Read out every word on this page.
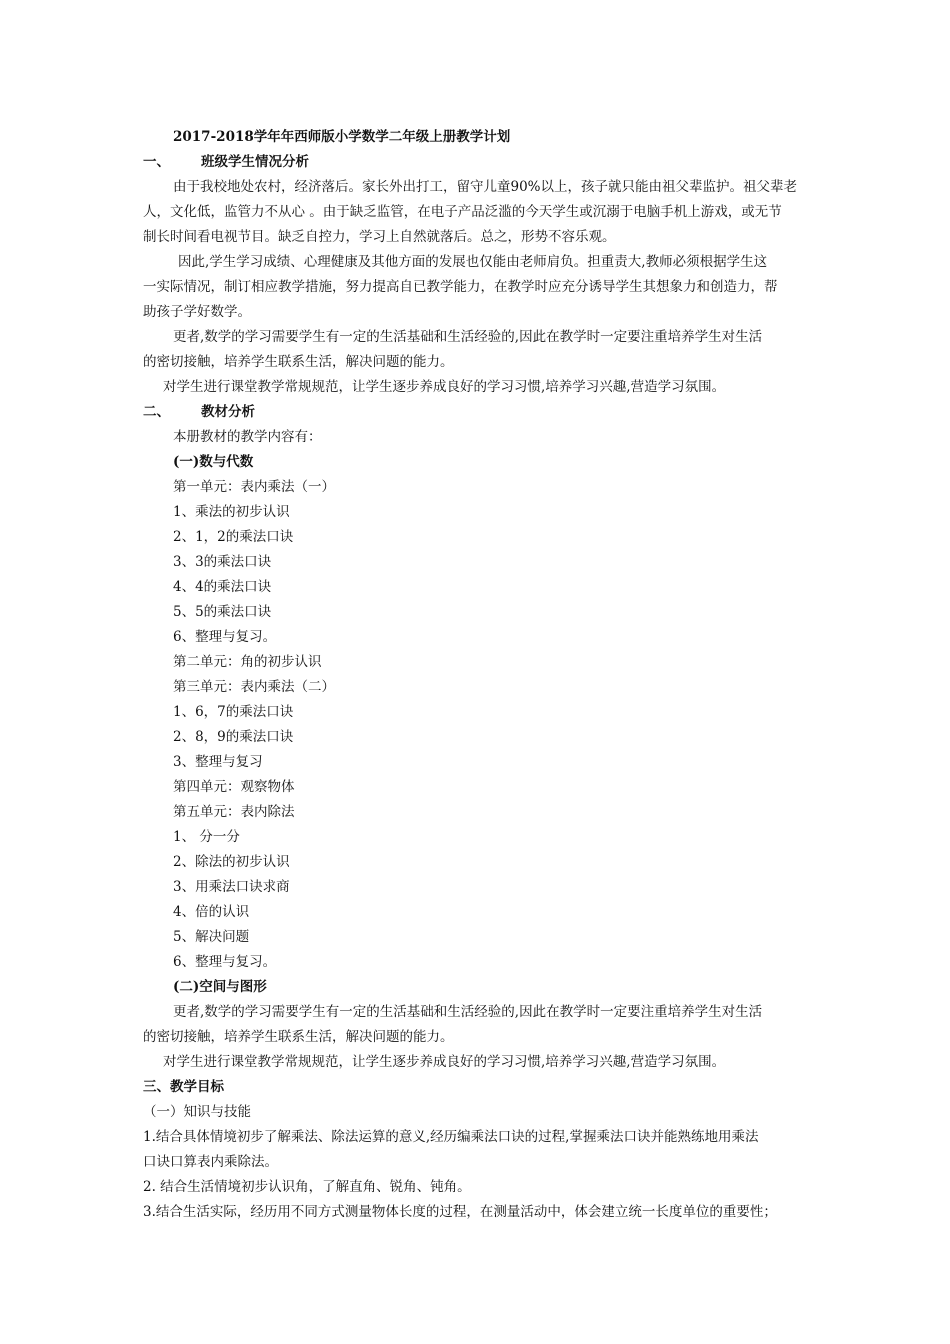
2017-2018学年年西师版小学数学二年级上册教学计划
一、 班级学生情况分析
由于我校地处农村，经济落后。家长外出打工，留守儿童90%以上，孩子就只能由祖父辈监护。祖父辈老
人，文化低，监管力不从心 。由于缺乏监管，在电子产品泛滥的今天学生或沉溺于电脑手机上游戏，或无节
制长时间看电视节目。缺乏自控力，学习上自然就落后。总之，形势不容乐观。
因此,学生学习成绩、心理健康及其他方面的发展也仅能由老师肩负。担重责大,教师必须根据学生这
一实际情况，制订相应教学措施，努力提高自已教学能力，在教学时应充分诱导学生其想象力和创造力，帮
助孩子学好数学。
更者,数学的学习需要学生有一定的生活基础和生活经验的,因此在教学时一定要注重培养学生对生活
的密切接触，培养学生联系生活，解决问题的能力。
对学生进行课堂教学常规规范，让学生逐步养成良好的学习习惯,培养学习兴趣,营造学习氛围。
二、 教材分析
本册教材的教学内容有：
(一)数与代数
第一单元：表内乘法（一）
1、乘法的初步认识
2、1，2的乘法口诀
3、3的乘法口诀
4、4的乘法口诀
5、5的乘法口诀
6、整理与复习。
第二单元：角的初步认识
第三单元：表内乘法（二）
1、6，7的乘法口诀
2、8，9的乘法口诀
3、整理与复习
第四单元：观察物体
第五单元：表内除法
1、 分一分
2、除法的初步认识
3、用乘法口诀求商
4、倍的认识
5、解决问题
6、整理与复习。
(二)空间与图形
更者,数学的学习需要学生有一定的生活基础和生活经验的,因此在教学时一定要注重培养学生对生活
的密切接触，培养学生联系生活，解决问题的能力。
对学生进行课堂教学常规规范，让学生逐步养成良好的学习习惯,培养学习兴趣,营造学习氛围。
三、教学目标
（一）知识与技能
1.结合具体情境初步了解乘法、除法运算的意义,经历编乘法口诀的过程,掌握乘法口诀并能熟练地用乘法
口诀口算表内乘除法。
2. 结合生活情境初步认识角，了解直角、锐角、钝角。
3.结合生活实际，经历用不同方式测量物体长度的过程，在测量活动中，体会建立统一长度单位的重要性；
